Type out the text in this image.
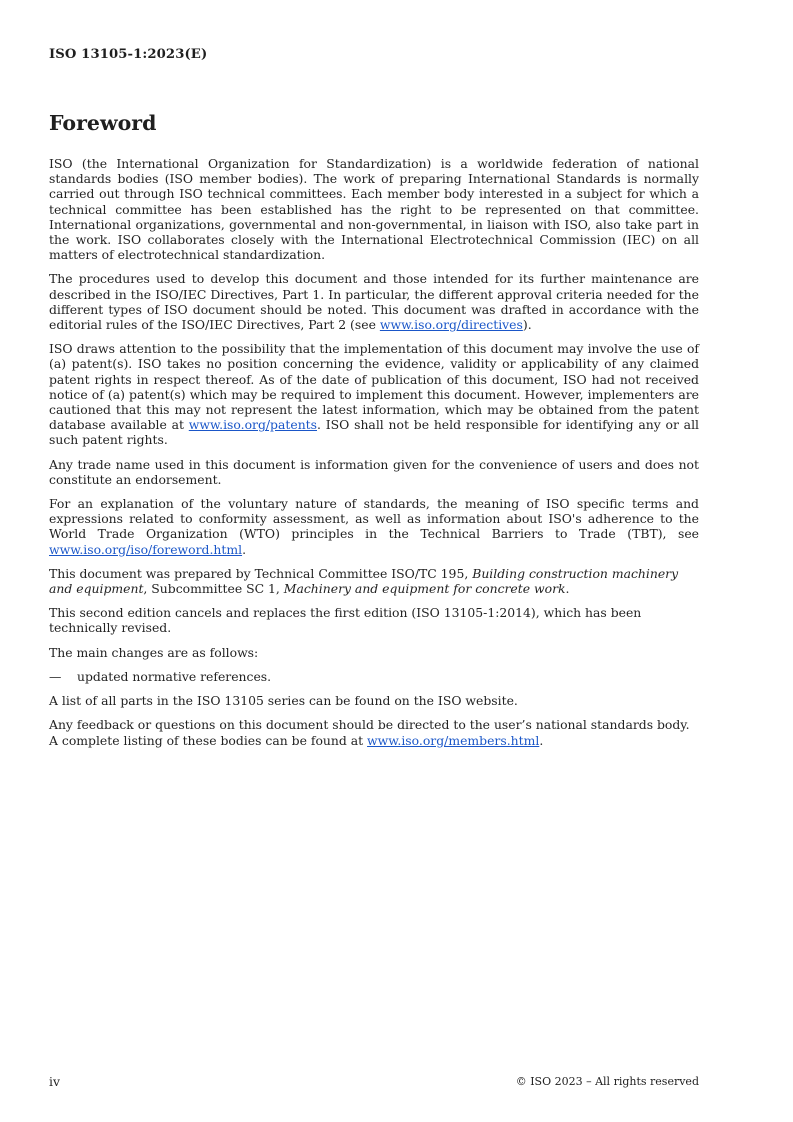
ISO 13105-1:2023(E)
Foreword

ISO (the International Organization for Standardization) is a worldwide federation of national standards bodies (ISO member bodies). The work of preparing International Standards is normally carried out through ISO technical committees. Each member body interested in a subject for which a technical committee has been established has the right to be represented on that committee. International organizations, governmental and non-governmental, in liaison with ISO, also take part in the work. ISO collaborates closely with the International Electrotechnical Commission (IEC) on all matters of electrotechnical standardization.

The procedures used to develop this document and those intended for its further maintenance are described in the ISO/IEC Directives, Part 1. In particular, the different approval criteria needed for the different types of ISO document should be noted. This document was drafted in accordance with the editorial rules of the ISO/IEC Directives, Part 2 (see www.iso.org/directives).

ISO draws attention to the possibility that the implementation of this document may involve the use of (a) patent(s). ISO takes no position concerning the evidence, validity or applicability of any claimed patent rights in respect thereof. As of the date of publication of this document, ISO had not received notice of (a) patent(s) which may be required to implement this document. However, implementers are cautioned that this may not represent the latest information, which may be obtained from the patent database available at www.iso.org/patents. ISO shall not be held responsible for identifying any or all such patent rights.

Any trade name used in this document is information given for the convenience of users and does not constitute an endorsement.

For an explanation of the voluntary nature of standards, the meaning of ISO specific terms and expressions related to conformity assessment, as well as information about ISO's adherence to the World Trade Organization (WTO) principles in the Technical Barriers to Trade (TBT), see www.iso.org/iso/foreword.html.

This document was prepared by Technical Committee ISO/TC 195, Building construction machinery and equipment, Subcommittee SC 1, Machinery and equipment for concrete work.

This second edition cancels and replaces the first edition (ISO 13105-1:2014), which has been technically revised.

The main changes are as follows:

— updated normative references.

A list of all parts in the ISO 13105 series can be found on the ISO website.

Any feedback or questions on this document should be directed to the user’s national standards body. A complete listing of these bodies can be found at www.iso.org/members.html.

iv	© ISO 2023 – All rights reserved
